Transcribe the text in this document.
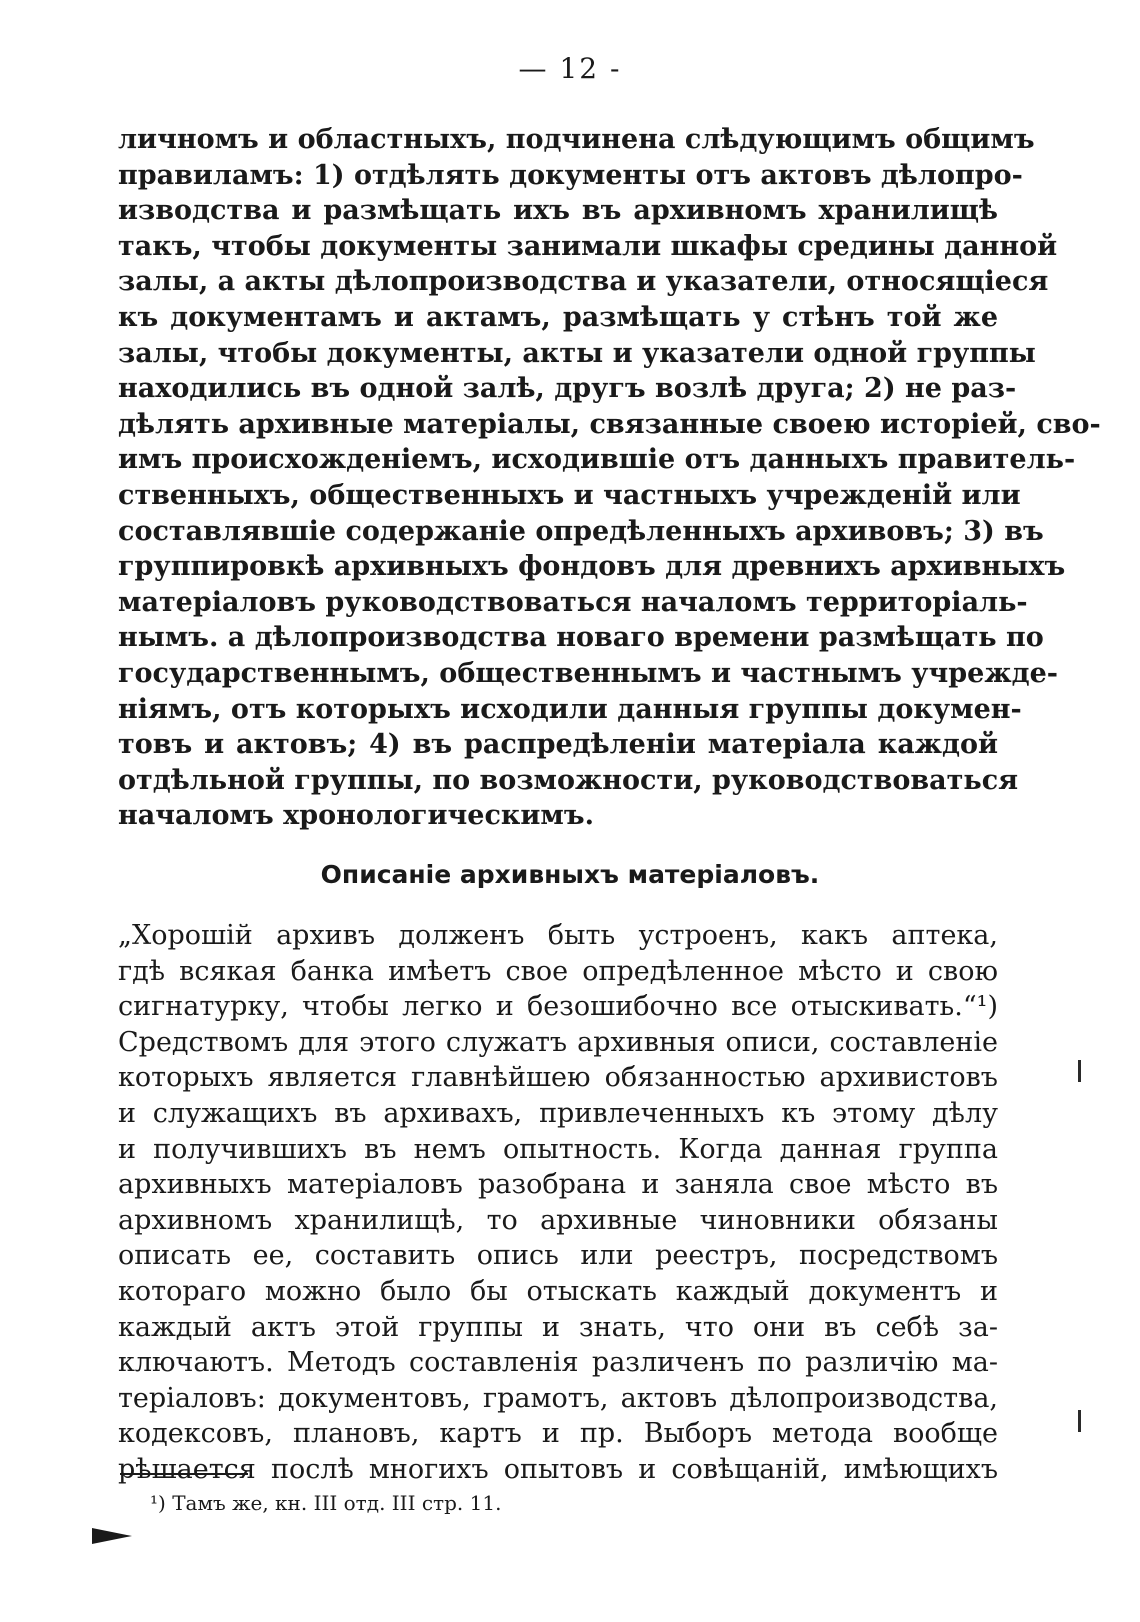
— 12 -
личномъ и областныхъ, подчинена слѣдующимъ общимъ
правиламъ: 1) отдѣлять документы отъ актовъ дѣлопро-
изводства и размѣщать ихъ въ архивномъ хранилищѣ
такъ, чтобы документы занимали шкафы средины данной
залы, а акты дѣлопроизводства и указатели, относящіеся
къ документамъ и актамъ, размѣщать у стѣнъ той же
залы, чтобы документы, акты и указатели одной группы
находились въ одной залѣ, другъ возлѣ друга; 2) не раз-
дѣлять архивные матеріалы, связанные своею исторіей, сво-
имъ происхожденіемъ, исходившіе отъ данныхъ правитель-
ственныхъ, общественныхъ и частныхъ учрежденій или
составлявшіе содержаніе опредѣленныхъ архивовъ; 3) въ
группировкѣ архивныхъ фондовъ для древнихъ архивныхъ
матеріаловъ руководствоваться началомъ территоріаль-
нымъ. а дѣлопроизводства новаго времени размѣщать по
государственнымъ, общественнымъ и частнымъ учрежде-
ніямъ, отъ которыхъ исходили данныя группы докумен-
товъ и актовъ; 4) въ распредѣленіи матеріала каждой
отдѣльной группы, по возможности, руководствоваться
началомъ хронологическимъ.
Описаніе архивныхъ матеріаловъ.
„Хорошій архивъ долженъ быть устроенъ, какъ аптека,
гдѣ всякая банка имѣетъ свое опредѣленное мѣсто и свою
сигнатурку, чтобы легко и безошибочно все отыскивать.“¹)
Средствомъ для этого служатъ архивныя описи, составленіе
которыхъ является главнѣйшею обязанностью архивистовъ
и служащихъ въ архивахъ, привлеченныхъ къ этому дѣлу
и получившихъ въ немъ опытность. Когда данная группа
архивныхъ матеріаловъ разобрана и заняла свое мѣсто въ
архивномъ хранилищѣ, то архивные чиновники обязаны
описать ее, составить опись или реестръ, посредствомъ
котораго можно было бы отыскать каждый документъ и
каждый актъ этой группы и знать, что они въ себѣ за-
ключаютъ. Методъ составленія различенъ по различію ма-
теріаловъ: документовъ, грамотъ, актовъ дѣлопроизводства,
кодексовъ, плановъ, картъ и пр. Выборъ метода вообще
рѣшается послѣ многихъ опытовъ и совѣщаній, имѣющихъ
¹) Тамъ же, кн. III отд. III стр. 11.
